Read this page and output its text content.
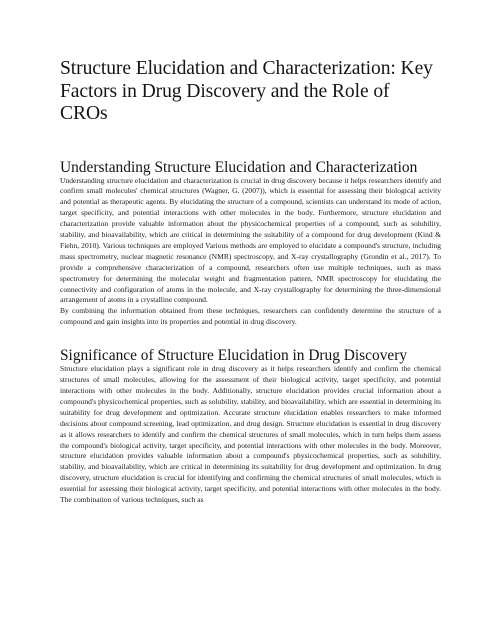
Structure Elucidation and Characterization: Key Factors in Drug Discovery and the Role of CROs
Understanding Structure Elucidation and Characterization

Understanding structure elucidation and characterization is crucial in drug discovery because it helps researchers identify and confirm small molecules' chemical structures (Wagner, G. (2007)), which is essential for assessing their biological activity and potential as therapeutic agents. By elucidating the structure of a compound, scientists can understand its mode of action, target specificity, and potential interactions with other molecules in the body. Furthermore, structure elucidation and characterization provide valuable information about the physicochemical properties of a compound, such as solubility, stability, and bioavailability, which are critical in determining the suitability of a compound for drug development (Kind & Fiehn, 2010). Various techniques are employed Various methods are employed to elucidate a compound's structure, including mass spectrometry, nuclear magnetic resonance (NMR) spectroscopy, and X-ray crystallography (Grondin et al., 2017). To provide a comprehensive characterization of a compound, researchers often use multiple techniques, such as mass spectrometry for determining the molecular weight and fragmentation pattern, NMR spectroscopy for elucidating the connectivity and configuration of atoms in the molecule, and X-ray crystallography for determining the three-dimensional arrangement of atoms in a crystalline compound.

By combining the information obtained from these techniques, researchers can confidently determine the structure of a compound and gain insights into its properties and potential in drug discovery.

Significance of Structure Elucidation in Drug Discovery

Structure elucidation plays a significant role in drug discovery as it helps researchers identify and confirm the chemical structures of small molecules, allowing for the assessment of their biological activity, target specificity, and potential interactions with other molecules in the body. Additionally, structure elucidation provides crucial information about a compound's physicochemical properties, such as solubility, stability, and bioavailability, which are essential in determining its suitability for drug development and optimization. Accurate structure elucidation enables researchers to make informed decisions about compound screening, lead optimization, and drug design. Structure elucidation is essential in drug discovery as it allows researchers to identify and confirm the chemical structures of small molecules, which in turn helps them assess the compound's biological activity, target specificity, and potential interactions with other molecules in the body. Moreover, structure elucidation provides valuable information about a compound's physicochemical properties, such as solubility, stability, and bioavailability, which are critical in determining its suitability for drug development and optimization. In drug discovery, structure elucidation is crucial for identifying and confirming the chemical structures of small molecules, which is essential for assessing their biological activity, target specificity, and potential interactions with other molecules in the body. The combination of various techniques, such as
